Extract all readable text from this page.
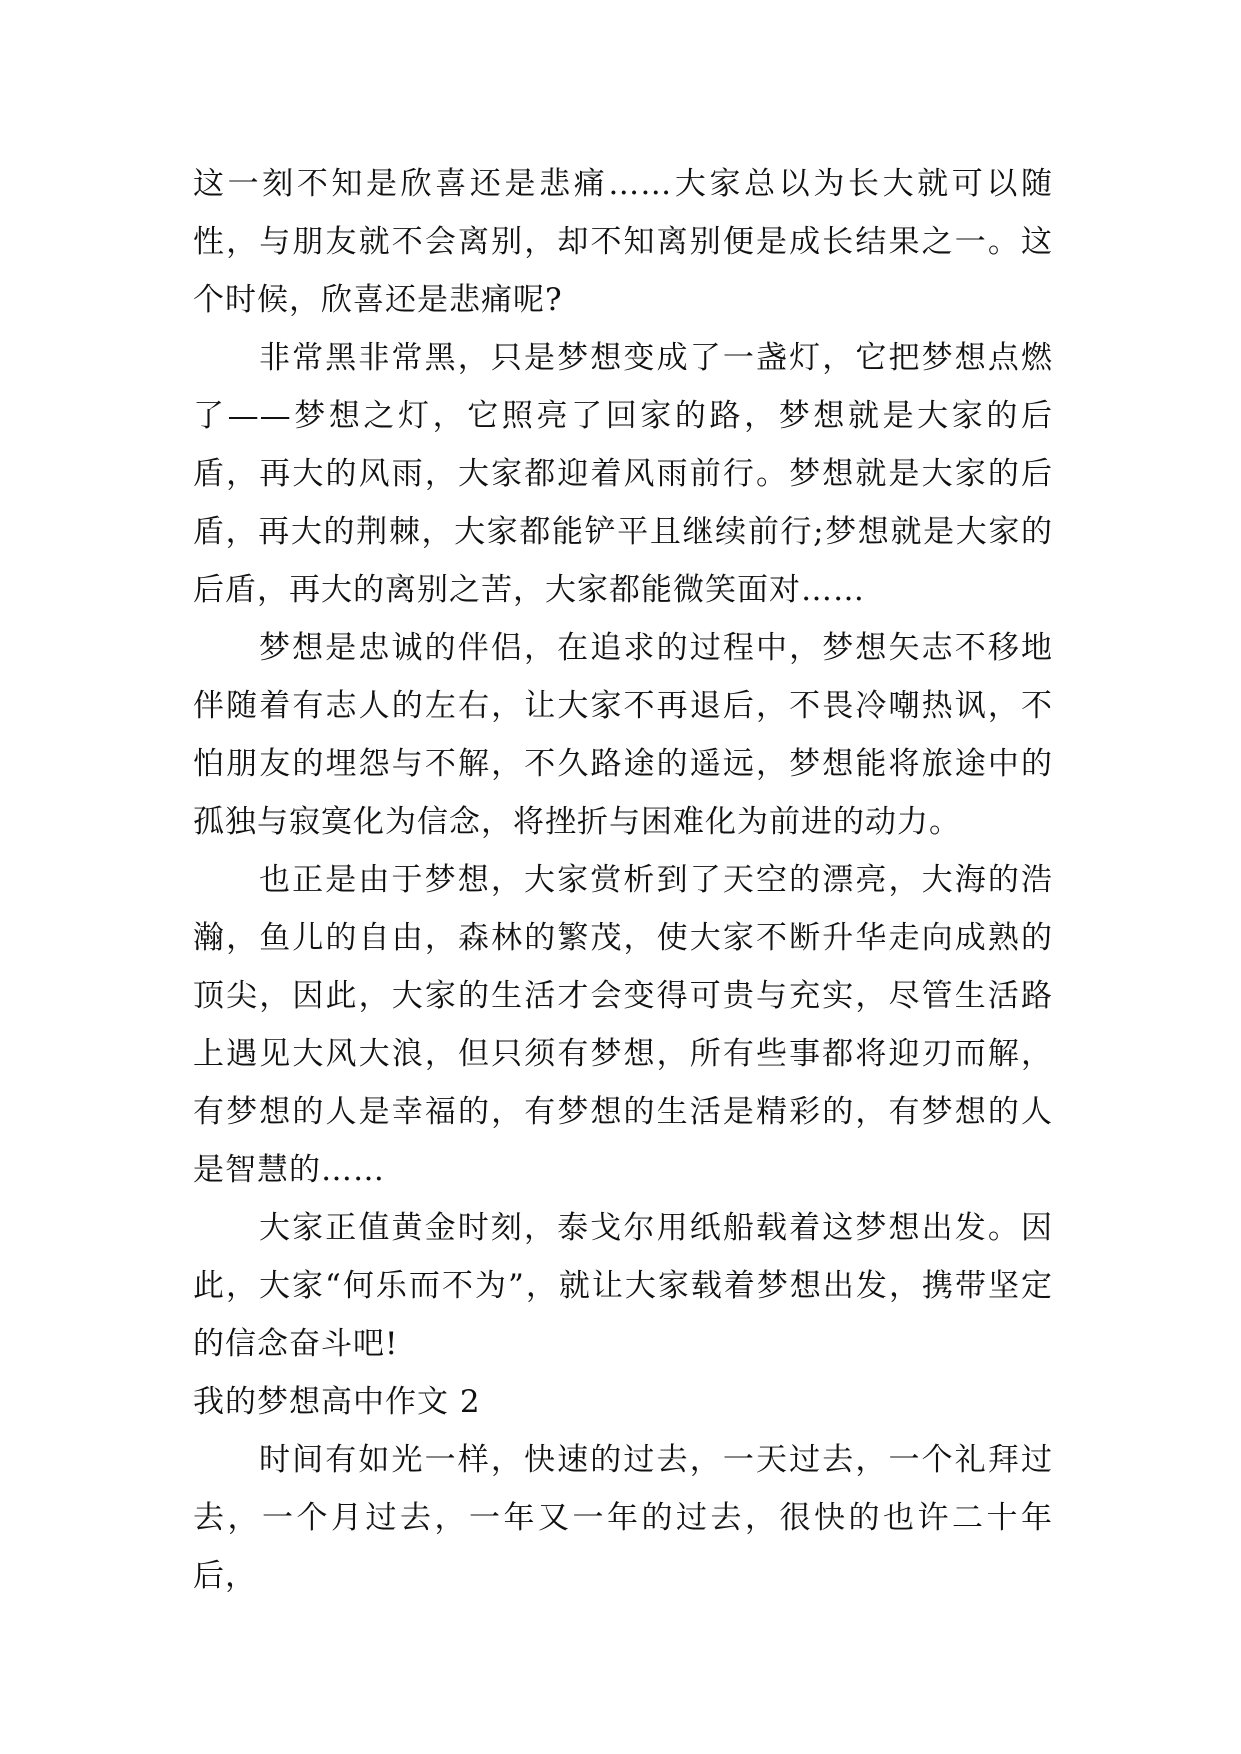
这一刻不知是欣喜还是悲痛……大家总以为长大就可以随性，与朋友就不会离别，却不知离别便是成长结果之一。这个时候，欣喜还是悲痛呢?

非常黑非常黑，只是梦想变成了一盏灯，它把梦想点燃了——梦想之灯，它照亮了回家的路，梦想就是大家的后盾，再大的风雨，大家都迎着风雨前行。梦想就是大家的后盾，再大的荆棘，大家都能铲平且继续前行;梦想就是大家的后盾，再大的离别之苦，大家都能微笑面对……

梦想是忠诚的伴侣，在追求的过程中，梦想矢志不移地伴随着有志人的左右，让大家不再退后，不畏冷嘲热讽，不怕朋友的埋怨与不解，不久路途的遥远，梦想能将旅途中的孤独与寂寞化为信念，将挫折与困难化为前进的动力。

也正是由于梦想，大家赏析到了天空的漂亮，大海的浩瀚，鱼儿的自由，森林的繁茂，使大家不断升华走向成熟的顶尖，因此，大家的生活才会变得可贵与充实，尽管生活路上遇见大风大浪，但只须有梦想，所有些事都将迎刃而解，有梦想的人是幸福的，有梦想的生活是精彩的，有梦想的人是智慧的……

大家正值黄金时刻，泰戈尔用纸船载着这梦想出发。因此，大家“何乐而不为”，就让大家载着梦想出发，携带坚定的信念奋斗吧!

我的梦想高中作文 2

时间有如光一样，快速的过去，一天过去，一个礼拜过去，一个月过去，一年又一年的过去，很快的也许二十年后，
